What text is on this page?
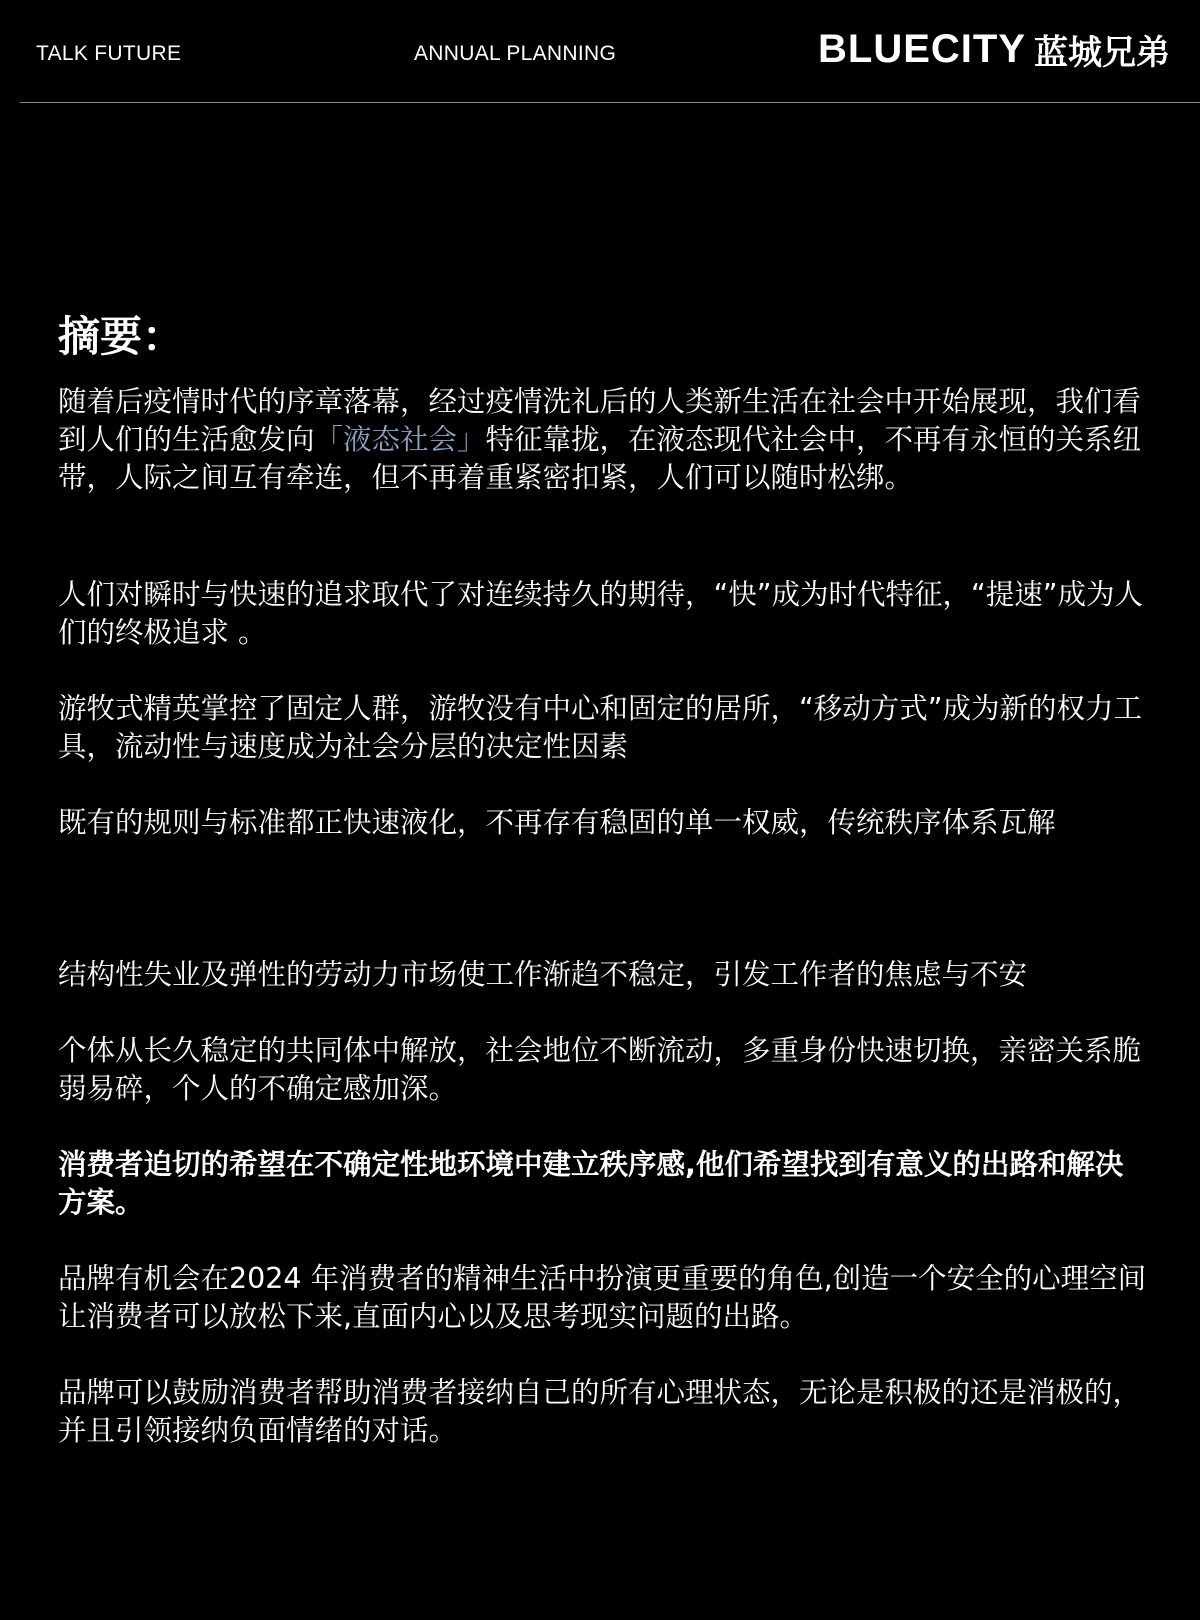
TALK FUTURE	ANNUAL PLANNING	BLUECITY 蓝城兄弟
摘要：
随着后疫情时代的序章落幕，经过疫情洗礼后的人类新生活在社会中开始展现，我们看到人们的生活愈发向「液态社会」特征靠拢，在液态现代社会中，不再有永恒的关系纽带，人际之间互有牵连，但不再着重紧密扣紧，人们可以随时松绑。
人们对瞬时与快速的追求取代了对连续持久的期待，“快”成为时代特征，“提速”成为人们的终极追求 。
游牧式精英掌控了固定人群，游牧没有中心和固定的居所，“移动方式”成为新的权力工具，流动性与速度成为社会分层的决定性因素
既有的规则与标准都正快速液化，不再存有稳固的单一权威，传统秩序体系瓦解
结构性失业及弹性的劳动力市场使工作渐趋不稳定，引发工作者的焦虑与不安
个体从长久稳定的共同体中解放，社会地位不断流动，多重身份快速切换，亲密关系脆弱易碎，个人的不确定感加深。
消费者迫切的希望在不确定性地环境中建立秩序感,他们希望找到有意义的出路和解决方案。
品牌有机会在2024 年消费者的精神生活中扮演更重要的角色,创造一个安全的心理空间让消费者可以放松下来,直面内心以及思考现实问题的出路。
品牌可以鼓励消费者帮助消费者接纳自己的所有心理状态，无论是积极的还是消极的，并且引领接纳负面情绪的对话。
